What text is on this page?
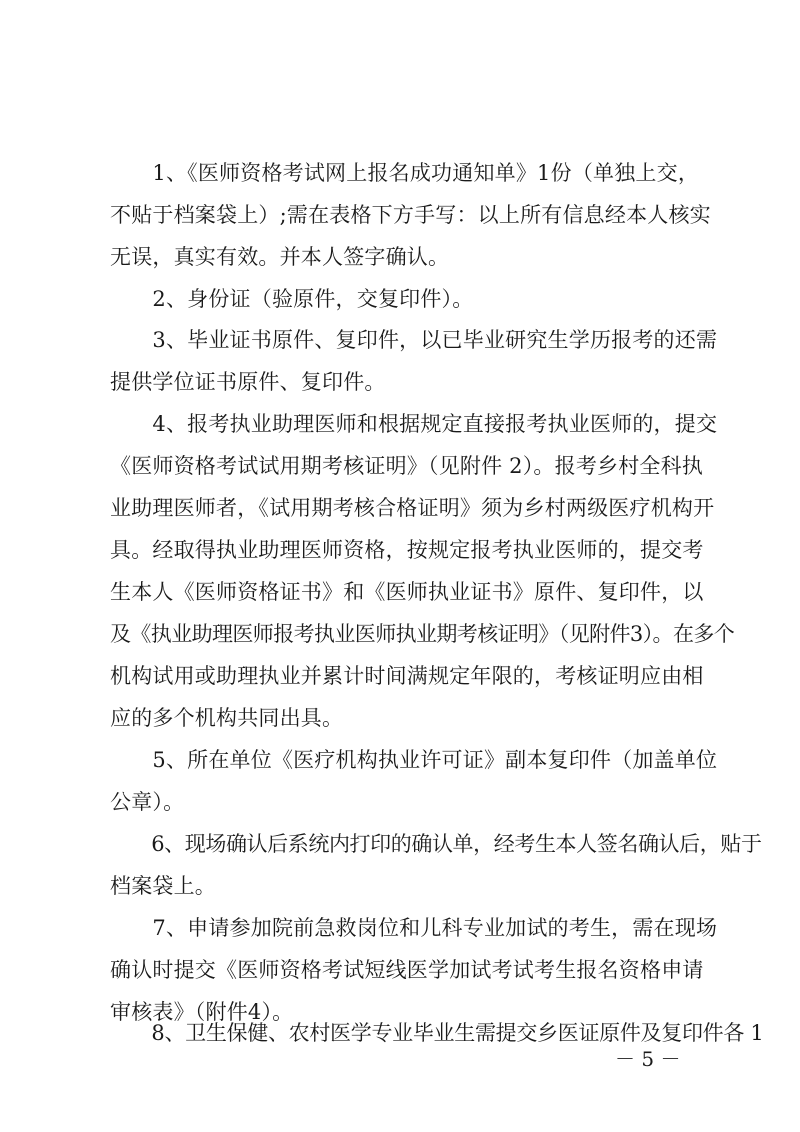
　　1、《医师资格考试网上报名成功通知单》1份（单独上交，
不贴于档案袋上）;需在表格下方手写：以上所有信息经本人核实
无误，真实有效。并本人签字确认。
　　2、身份证（验原件，交复印件）。
　　3、毕业证书原件、复印件，以已毕业研究生学历报考的还需
提供学位证书原件、复印件。
　　4、报考执业助理医师和根据规定直接报考执业医师的，提交
《医师资格考试试用期考核证明》（见附件 2）。报考乡村全科执
业助理医师者，《试用期考核合格证明》须为乡村两级医疗机构开
具。经取得执业助理医师资格，按规定报考执业医师的，提交考
生本人《医师资格证书》和《医师执业证书》原件、复印件，以
及《执业助理医师报考执业医师执业期考核证明》（见附件3）。在多个
机构试用或助理执业并累计时间满规定年限的，考核证明应由相
应的多个机构共同出具。
　　5、所在单位《医疗机构执业许可证》副本复印件（加盖单位
公章）。
　　6、现场确认后系统内打印的确认单，经考生本人签名确认后，贴于
档案袋上。
　　7、申请参加院前急救岗位和儿科专业加试的考生，需在现场
确认时提交《医师资格考试短线医学加试考试考生报名资格申请
审核表》（附件4）。
　　8、卫生保健、农村医学专业毕业生需提交乡医证原件及复印件各 1
－ 5 －
